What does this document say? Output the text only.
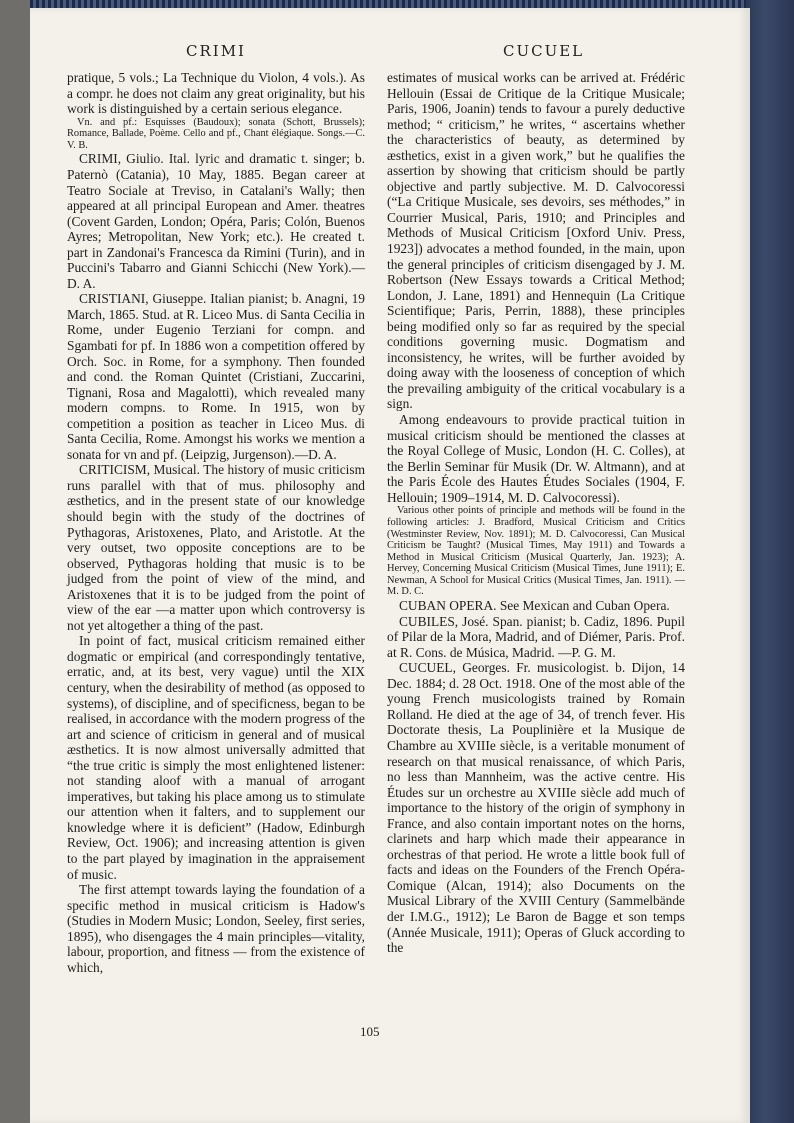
CRIMI	CUCUEL

pratique, 5 vols.; La Technique du Violon, 4 vols.). As a compr. he does not claim any great originality, but his work is distinguished by a certain serious elegance.

Vn. and pf.: Esquisses (Baudoux); sonata (Schott, Brussels); Romance, Ballade, Poème. Cello and pf., Chant élégiaque. Songs.—C. V. B.

CRIMI, Giulio. Ital. lyric and dramatic t. singer; b. Paternò (Catania), 10 May, 1885. Began career at Teatro Sociale at Treviso, in Catalani's Wally; then appeared at all principal European and Amer. theatres (Covent Garden, London; Opéra, Paris; Colón, Buenos Ayres; Metropolitan, New York; etc.). He created t. part in Zandonai's Francesca da Rimini (Turin), and in Puccini's Tabarro and Gianni Schicchi (New York).—D. A.

CRISTIANI, Giuseppe. Italian pianist; b. Anagni, 19 March, 1865. Stud. at R. Liceo Mus. di Santa Cecilia in Rome, under Eugenio Terziani for compn. and Sgambati for pf. In 1886 won a competition offered by Orch. Soc. in Rome, for a symphony. Then founded and cond. the Roman Quintet (Cristiani, Zuccarini, Tignani, Rosa and Magalotti), which revealed many modern compns. to Rome. In 1915, won by competition a position as teacher in Liceo Mus. di Santa Cecilia, Rome. Amongst his works we mention a sonata for vn and pf. (Leipzig, Jurgenson).—D. A.

CRITICISM, Musical. The history of music criticism runs parallel with that of mus. philosophy and æsthetics, and in the present state of our knowledge should begin with the study of the doctrines of Pythagoras, Aristoxenes, Plato, and Aristotle. At the very outset, two opposite conceptions are to be observed, Pythagoras holding that music is to be judged from the point of view of the mind, and Aristoxenes that it is to be judged from the point of view of the ear —a matter upon which controversy is not yet altogether a thing of the past.

In point of fact, musical criticism remained either dogmatic or empirical (and correspondingly tentative, erratic, and, at its best, very vague) until the XIX century, when the desirability of method (as opposed to systems), of discipline, and of specificness, began to be realised, in accordance with the modern progress of the art and science of criticism in general and of musical æsthetics. It is now almost universally admitted that “the true critic is simply the most enlightened listener: not standing aloof with a manual of arrogant imperatives, but taking his place among us to stimulate our attention when it falters, and to supplement our knowledge where it is deficient” (Hadow, Edinburgh Review, Oct. 1906); and increasing attention is given to the part played by imagination in the appraisement of music.

The first attempt towards laying the foundation of a specific method in musical criticism is Hadow's (Studies in Modern Music; London, Seeley, first series, 1895), who disengages the 4 main principles—vitality, labour, proportion, and fitness — from the existence of which,

estimates of musical works can be arrived at. Frédéric Hellouin (Essai de Critique de la Critique Musicale; Paris, 1906, Joanin) tends to favour a purely deductive method; “ criticism,” he writes, “ ascertains whether the characteristics of beauty, as determined by æsthetics, exist in a given work,” but he qualifies the assertion by showing that criticism should be partly objective and partly subjective. M. D. Calvocoressi (“La Critique Musicale, ses devoirs, ses méthodes,” in Courrier Musical, Paris, 1910; and Principles and Methods of Musical Criticism [Oxford Univ. Press, 1923]) advocates a method founded, in the main, upon the general principles of criticism disengaged by J. M. Robertson (New Essays towards a Critical Method; London, J. Lane, 1891) and Hennequin (La Critique Scientifique; Paris, Perrin, 1888), these principles being modified only so far as required by the special conditions governing music. Dogmatism and inconsistency, he writes, will be further avoided by doing away with the looseness of conception of which the prevailing ambiguity of the critical vocabulary is a sign.

Among endeavours to provide practical tuition in musical criticism should be mentioned the classes at the Royal College of Music, London (H. C. Colles), at the Berlin Seminar für Musik (Dr. W. Altmann), and at the Paris École des Hautes Études Sociales (1904, F. Hellouin; 1909–1914, M. D. Calvocoressi).

Various other points of principle and methods will be found in the following articles: J. Bradford, Musical Criticism and Critics (Westminster Review, Nov. 1891); M. D. Calvocoressi, Can Musical Criticism be Taught? (Musical Times, May 1911) and Towards a Method in Musical Criticism (Musical Quarterly, Jan. 1923); A. Hervey, Concerning Musical Criticism (Musical Times, June 1911); E. Newman, A School for Musical Critics (Musical Times, Jan. 1911). —M. D. C.

CUBAN OPERA. See Mexican and Cuban Opera.

CUBILES, José. Span. pianist; b. Cadiz, 1896. Pupil of Pilar de la Mora, Madrid, and of Diémer, Paris. Prof. at R. Cons. de Música, Madrid. —P. G. M.

CUCUEL, Georges. Fr. musicologist. b. Dijon, 14 Dec. 1884; d. 28 Oct. 1918. One of the most able of the young French musicologists trained by Romain Rolland. He died at the age of 34, of trench fever. His Doctorate thesis, La Pouplinière et la Musique de Chambre au XVIIIe siècle, is a veritable monument of research on that musical renaissance, of which Paris, no less than Mannheim, was the active centre. His Études sur un orchestre au XVIIIe siècle add much of importance to the history of the origin of symphony in France, and also contain important notes on the horns, clarinets and harp which made their appearance in orchestras of that period. He wrote a little book full of facts and ideas on the Founders of the French Opéra-Comique (Alcan, 1914); also Documents on the Musical Library of the XVIII Century (Sammelbände der I.M.G., 1912); Le Baron de Bagge et son temps (Année Musicale, 1911); Operas of Gluck according to the

105
